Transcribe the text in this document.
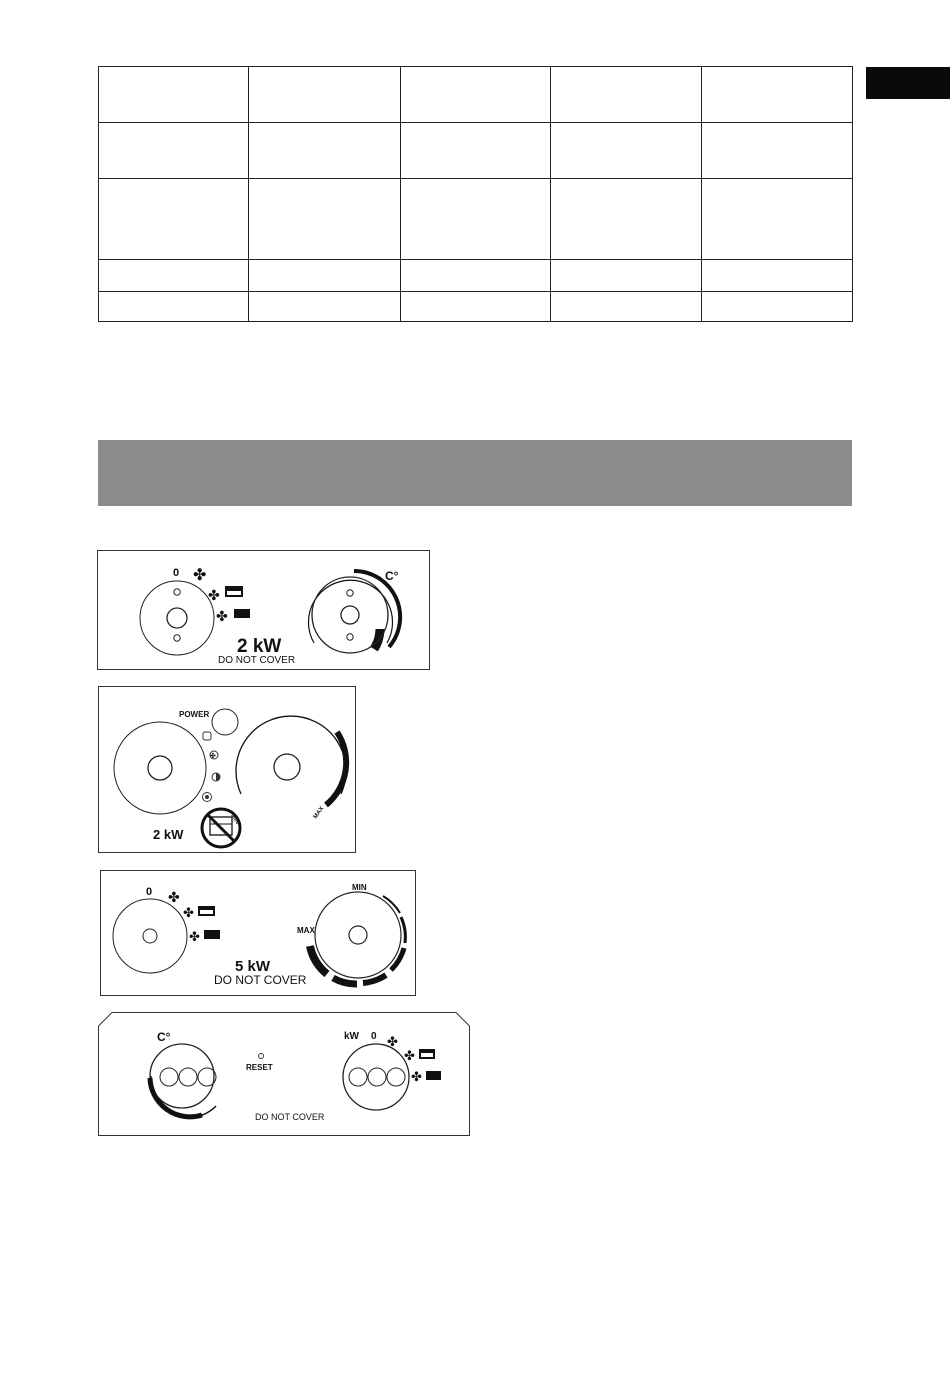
0 ✤
✤
✤
2 kW
DO NOT COVER
C°
POWER
✤
2 kW
MIN	MAX
0 ✤
✤
✤
5 kW
DO NOT COVER
MIN
MAX
C°
RESET
DO NOT COVER
kW 0 ✤
✤
✤
